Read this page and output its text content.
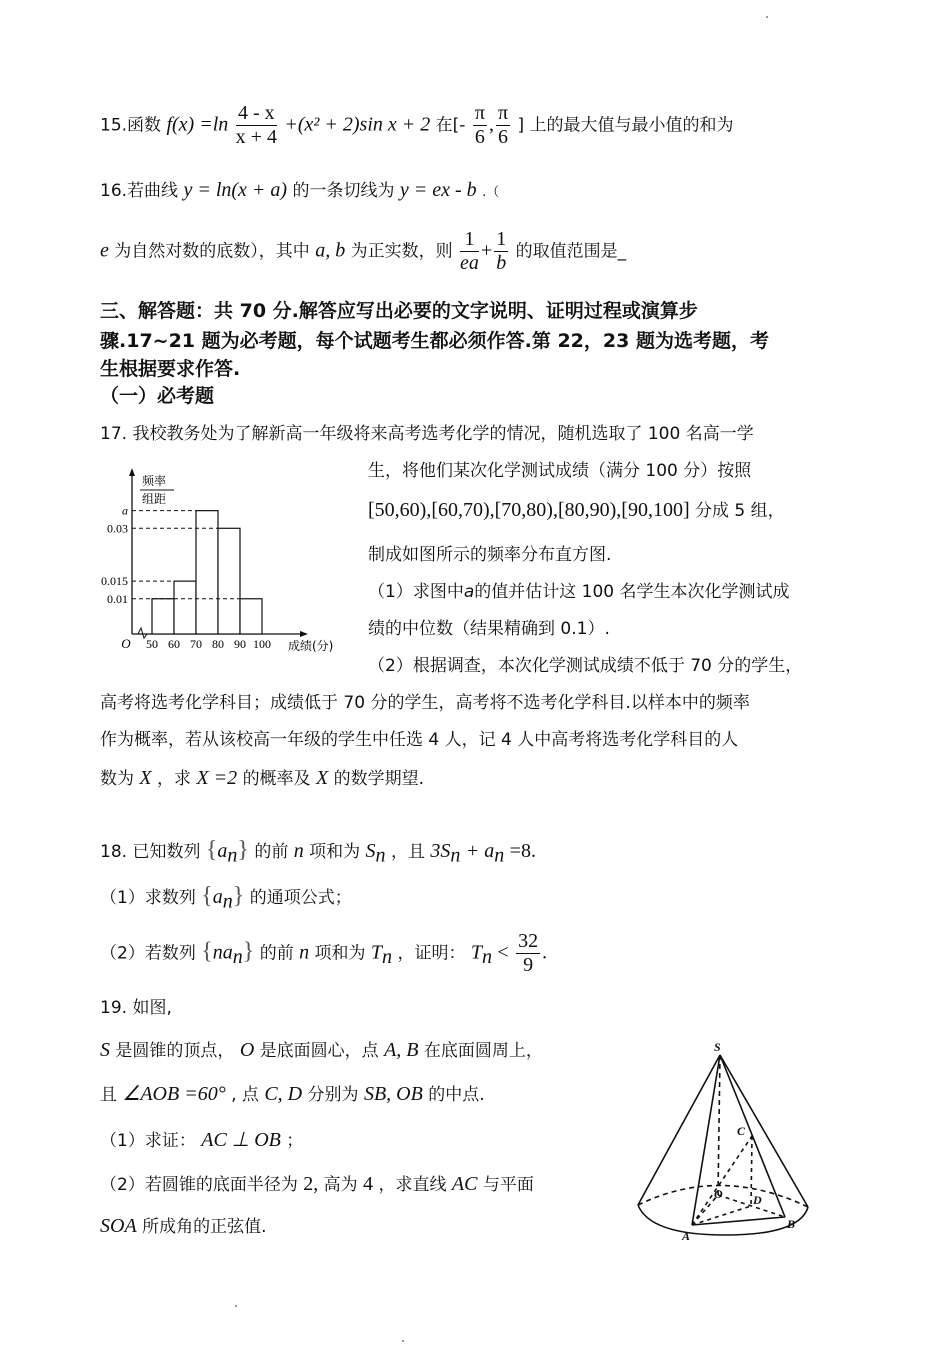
15.函数 $f(x) =\ln \frac{4 - x}{x + 4} +(x^2 + 2)\sin$ x + 2 在[- $\frac{\pi}{6}$ , $\frac{\pi}{6}$ ] 上的最大值与最小值的和为
16.若曲线 y = ln(x + a) 的一条切线为 y = ex - b .（
e 为自然对数的底数），其中 a, b 为正实数，则 $\frac{1}{ea} + \frac{1}{b}$ 的取值范围是_
三、解答题：共 70 分.解答应写出必要的文字说明、证明过程或演算步
骤.17~21 题为必考题，每个试题考生都必须作答.第 22，23 题为选考题，考
生根据要求作答.
（一）必考题
17. 我校教务处为了解新高一年级将来高考选考化学的情况，随机选取了 100 名高一学
生，将他们某次化学测试成绩（满分 100 分）按照
[50,60),[60,70),[70,80),[80,90),[90,100] 分成 5 组，
制成如图所示的频率分布直方图.
（1）求图中a的值并估计这 100 名学生本次化学测试成
绩的中位数（结果精确到 0.1）.
（2）根据调查，本次化学测试成绩不低于 70 分的学生，
高考将选考化学科目；成绩低于 70 分的学生，高考将不选考化学科目.以样本中的频率
作为概率，若从该校高一年级的学生中任选 4 人，记 4 人中高考将选考化学科目的人
数为 X ，求 X =2 的概率及 X 的数学期望.
a
0.03
0.015
0.01
50 60 70 80 90 100
O
频率
组距
成绩(分)
18. 已知数列 $\{a_n\}$ 的前 n 项和为 $S_n$ ，且 $3S_n + a_n =8$.
（1）求数列 $\{a_n\}$ 的通项公式；
（2）若数列 $\{na_n\}$ 的前 n 项和为 $T_n$ ，证明： $T_n < \frac{32}{9}$ .
19. 如图,
S 是圆锥的顶点， O 是底面圆心，点 A, B 在底面圆周上，
且 ∠AOB =60° , 点 C, D 分别为 SB, OB 的中点.
（1）求证： AC ⊥ OB ；
（2）若圆锥的底面半径为 2, 高为 4 ，求直线 AC 与平面
SOA 所成角的正弦值.
S
C
O	D
A
B
